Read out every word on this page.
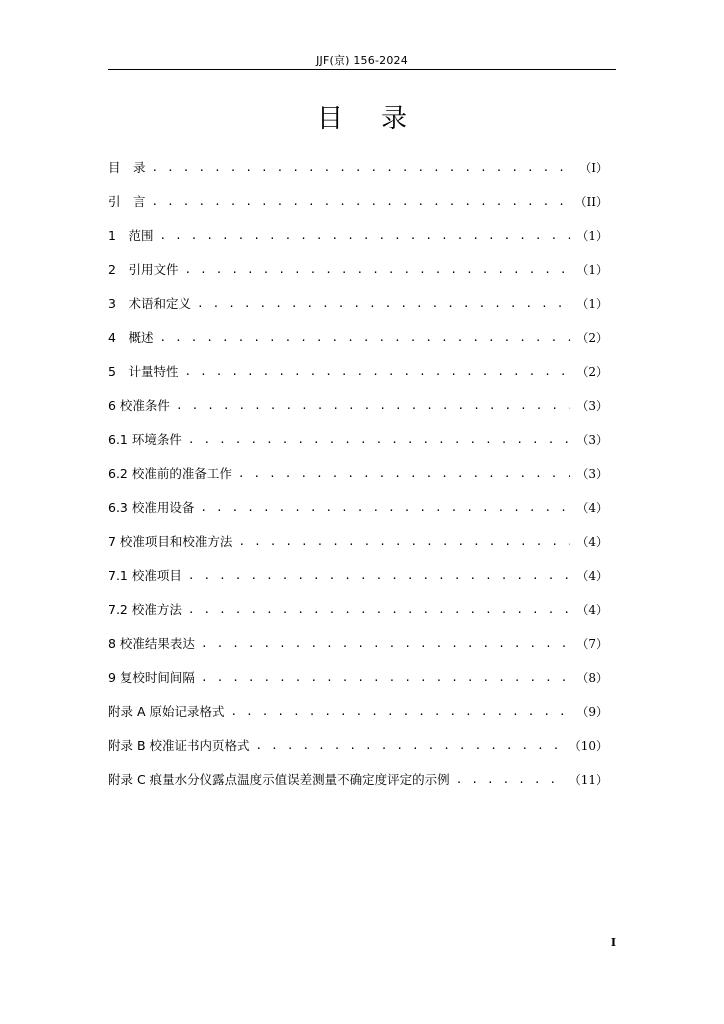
JJF(京) 156-2024
目录
目　录 . . .	（I）
引　言 . . .	（II）
1　范围 . . .	（1）
2　引用文件 . . .	（1）
3　术语和定义 . . .	（1）
4　概述 . . .	（2）
5　计量特性 . . .	（2）
6 校准条件 . . .	（3）
6.1 环境条件 . . .	（3）
6.2 校准前的准备工作 . . .	（3）
6.3 校准用设备 . . .	（4）
7 校准项目和校准方法 . . .	（4）
7.1 校准项目 . . .	（4）
7.2 校准方法 . . .	（4）
8 校准结果表达 . . .	（7）
9 复校时间间隔 . . .	（8）
附录 A 原始记录格式 . . .	（9）
附录 B 校准证书内页格式 . . .	（10）
附录 C 痕量水分仪露点温度示值误差测量不确定度评定的示例 . . .	（11）
I
